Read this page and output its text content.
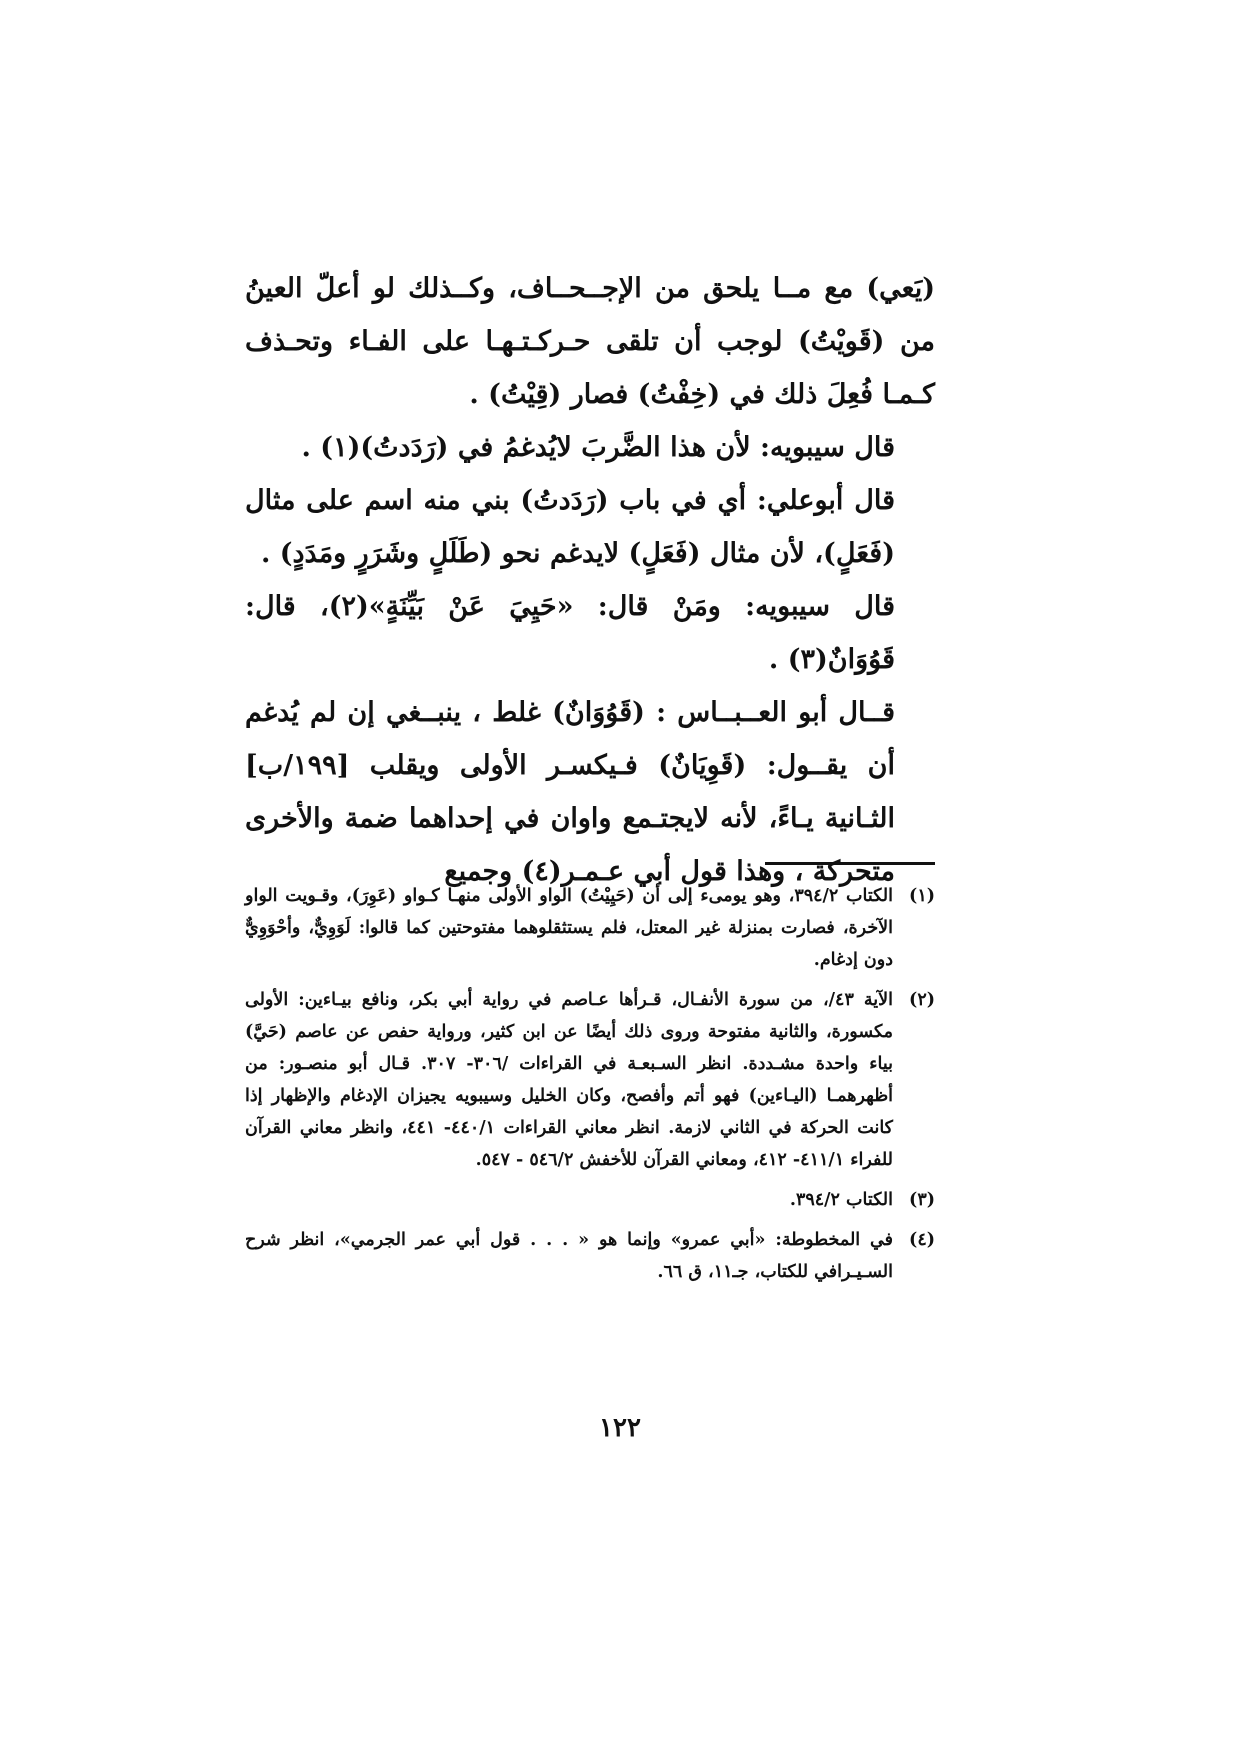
(يَعي) مع مــا يلحق من الإجــحــاف، وكــذلك لو أعلّ العينُ من (قَويْتُ) لوجب أن تلقى حـركـتـهـا على الفـاء وتحـذف كـمـا فُعِلَ ذلك في (خِفْتُ) فصار (قِيْتُ) .

قال سيبويه: لأن هذا الضَّربَ لايُدغمُ في (رَدَدتُ)(١) .

قال أبوعلي: أي في باب (رَدَدتُ) بني منه اسم على مثال (فَعَلٍ)، لأن مثال (فَعَلٍ) لايدغم نحو (طَلَلٍ وشَرَرٍ ومَدَدٍ) .

قال سيبويه: ومَنْ قال: «حَيِيَ عَنْ بَيِّنَةٍ»(٢)، قال: قَوُوَانٌ(٣) .

قــال أبو العــبــاس : (قَوُوَانٌ) غلط ، ينبــغي إن لم يُدغم أن يقــول: (قَوِيَانٌ) فـيكسـر الأولى ويقلب [١٩٩/ب] الثـانية يـاءً، لأنه لايجتـمع واوان في إحداهما ضمة والأخرى متحركة ، وهذا قول أبي عـمـر(٤) وجميع

(١)
الكتاب ٣٩٤/٢، وهو يومىء إلى أن (حَيِيْتُ) الواو الأولى منهـا كـواو (عَوِرَ)، وقـويت الواو الآخرة، فصارت بمنزلة غير المعتل، فلم يستثقلوهما مفتوحتين كما قالوا: لَوَوِيٌّ، وأحْوَوِيٌّ دون إدغام.
(٢)
الآية ٤٣/، من سورة الأنفـال، قـرأها عـاصم في رواية أبي بكر، ونافع بيـاءين: الأولى مكسورة، والثانية مفتوحة وروى ذلك أيضًا عن ابن كثير، ورواية حفص عن عاصم (حَيَّ) بياء واحدة مشـددة. انظر السـبعـة في القراءات /٣٠٦- ٣٠٧. قـال أبو منصـور: من أظهرهمـا (اليـاءين) فهو أتم وأفصح، وكان الخليل وسيبويه يجيزان الإدغام والإظهار إذا كانت الحركة في الثاني لازمة. انظر معاني القراءات ٤٤٠/١- ٤٤١، وانظر معاني القرآن للفراء ٤١١/١- ٤١٢، ومعاني القرآن للأخفش ٥٤٦/٢ - ٥٤٧.
(٣)
الكتاب ٣٩٤/٢.
(٤)
في المخطوطة: «أبي عمرو» وإنما هو « . . . قول أبي عمر الجرمي»، انظر شرح السـيـرافي للكتاب، جـ١١، ق ٦٦.
١٢٢
